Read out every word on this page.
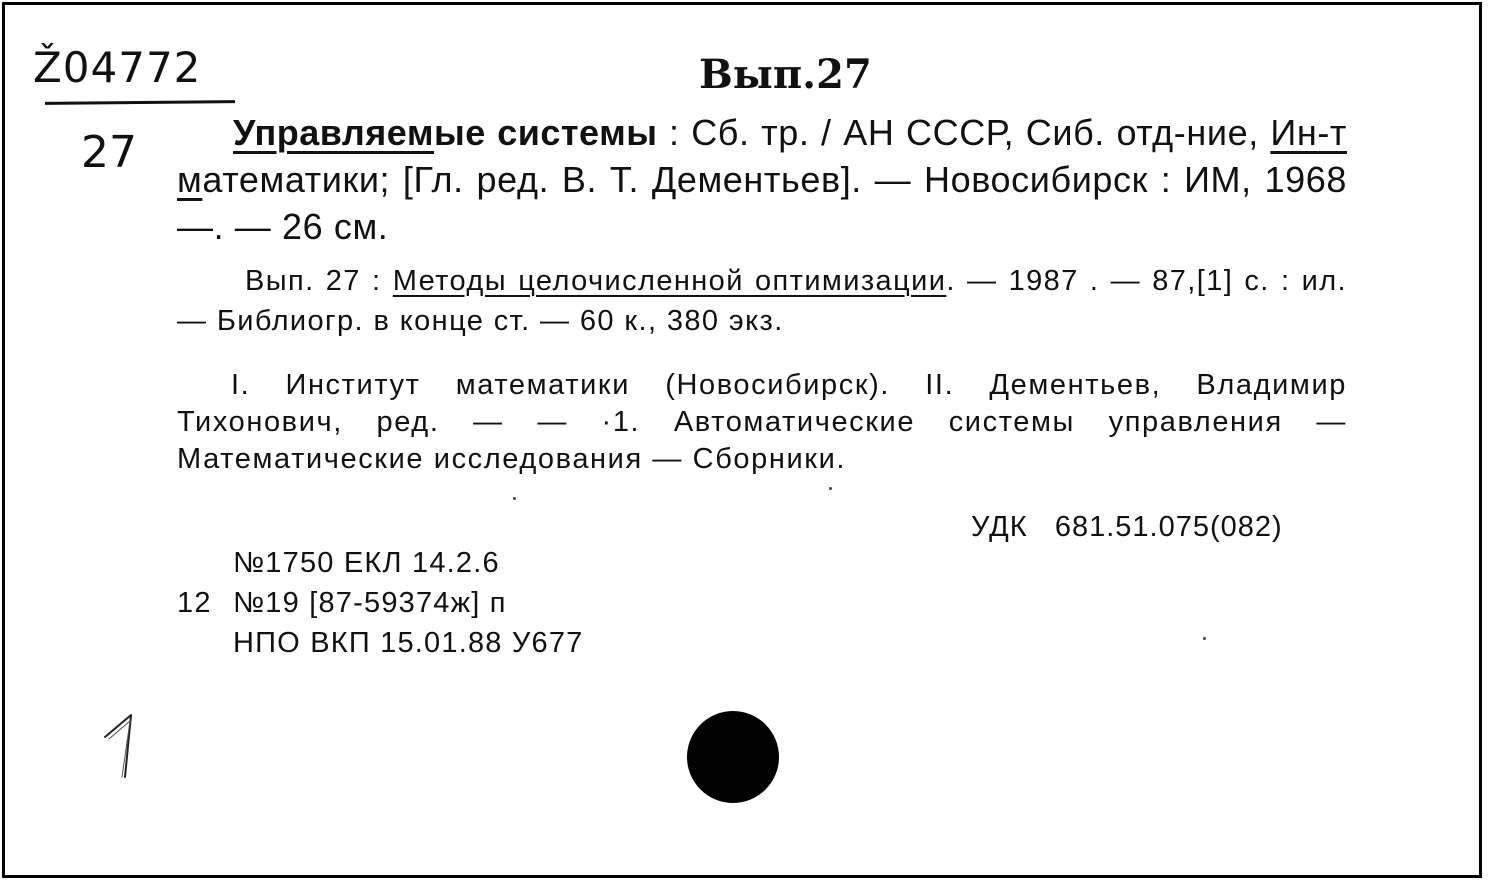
Ž04772	Вып.27
27	Управляемые системы : Сб. тр. / АН СССР, Сиб. отд-ние, Ин-т математики; [Гл. ред. В. Т. Дементьев]. — Новосибирск : ИМ, 1968—. — 26 см.
Вып. 27 : Методы целочисленной оптимизации. — 1987 . — 87,[1] с. : ил. — Библиогр. в конце ст. — 60 к., 380 экз.
I. Институт математики (Новосибирск). II. Дементьев, Владимир Тихонович, ред. — — ·1. Автоматические системы управления — Математические исследования — Сборники.
УДК   681.51.075(082)
№1750 ЕКЛ 14.2.6
12 №19 [87-59374ж] п
НПО ВКП 15.01.88 У677
